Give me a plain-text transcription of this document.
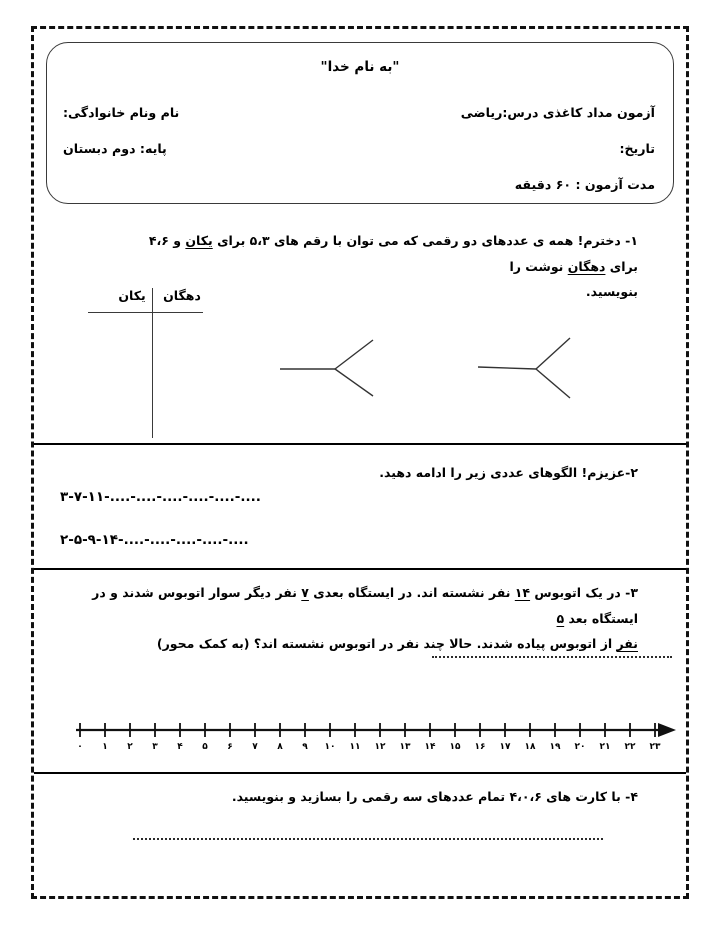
"به نام خدا"
آزمون مداد کاغذی درس:ریاضی
نام ونام خانوادگی:
تاریخ:
پایه: دوم دبستان
مدت آزمون : ۶۰ دقیقه
۱- دخترم! همه ی عددهای دو رقمی که می توان با رقم های ۵،۳ برای یکان و ۴،۶ برای دهگان نوشت را
بنویسید.
دهگان
یکان
۲-عزیزم! الگوهای عددی زیر را ادامه دهید.
۳-۷-۱۱-....-....-....-....-....-....
۲-۵-۹-۱۴-....-....-....-....-....
۳- در یک اتوبوس ۱۴ نفر نشسته اند. در ایستگاه بعدی ۷ نفر دیگر سوار اتوبوس شدند و در ایستگاه بعد ۵
نفر از اتوبوس پیاده شدند. حالا چند نفر در اتوبوس نشسته اند؟ (به کمک محور)
۰ ۱ ۲ ۳ ۴ ۵ ۶ ۷ ۸ ۹ ۱۰ ۱۱ ۱۲ ۱۳ ۱۴ ۱۵ ۱۶ ۱۷ ۱۸ ۱۹ ۲۰ ۲۱ ۲۲ ۲۳
۴- با کارت های ۴،۰،۶ تمام عددهای سه رقمی را بسازید و بنویسید.
